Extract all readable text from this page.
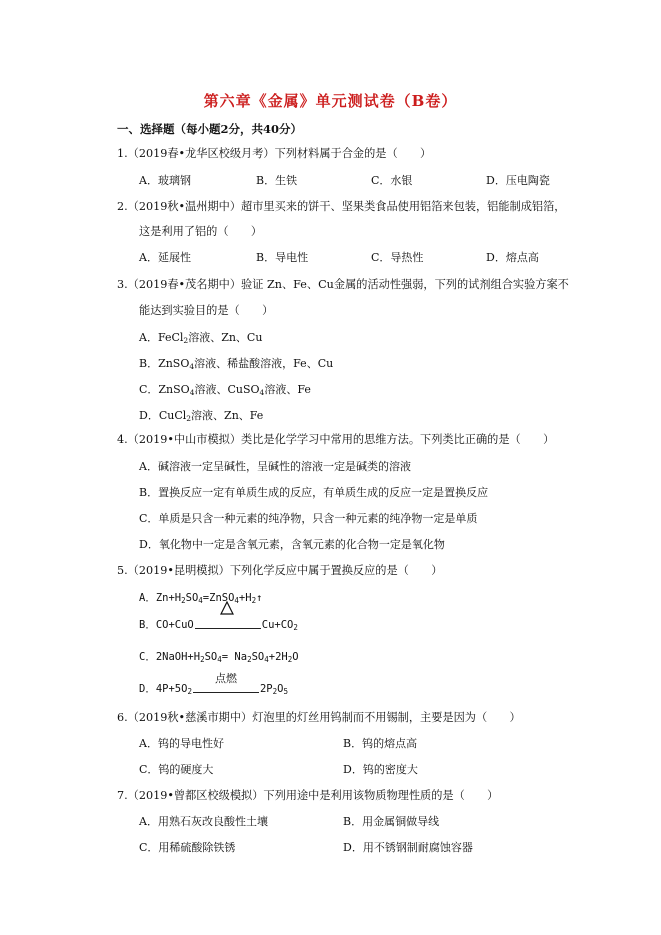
第六章《金属》单元测试卷（B卷）
一、选择题（每小题2分，共40分）
1.（2019春•龙华区校级月考）下列材料属于合金的是（　　）
A．玻璃钢	B．生铁	C．水银	D．压电陶瓷
2.（2019秋•温州期中）超市里买来的饼干、坚果类食品使用铝箔来包装，铝能制成铝箔，
这是利用了铝的（　　）
A．延展性	B．导电性	C．导热性	D．熔点高
3.（2019春•茂名期中）验证 Zn、Fe、Cu金属的活动性强弱，下列的试剂组合实验方案不
能达到实验目的是（　　）
A．FeCl$_2$溶液、Zn、Cu
B．ZnSO$_4$溶液、稀盐酸溶液，Fe、Cu
C．ZnSO$_4$溶液、CuSO$_4$溶液、Fe
D．CuCl$_2$溶液、Zn、Fe
4.（2019•中山市模拟）类比是化学学习中常用的思维方法。下列类比正确的是（　　）
A．碱溶液一定呈碱性，呈碱性的溶液一定是碱类的溶液
B．置换反应一定有单质生成的反应，有单质生成的反应一定是置换反应
C．单质是只含一种元素的纯净物，只含一种元素的纯净物一定是单质
D．氧化物中一定是含氧元素，含氧元素的化合物一定是氧化物
5.（2019•昆明模拟）下列化学反应中属于置换反应的是（　　）
A．$Zn+H_2SO_4=ZnSO_4+H_2↑$
B．CO+CuO	$Cu+CO_2$
C．$2NaOH+H_2SO_4= Na_2SO_4+2H_2O$
D．$4P+5O_2$
点燃
$2P_2O_5$
6.（2019秋•慈溪市期中）灯泡里的灯丝用钨制而不用锡制，主要是因为（　　）
A．钨的导电性好	B．钨的熔点高
C．钨的硬度大	D．钨的密度大
7.（2019•曾都区校级模拟）下列用途中是利用该物质物理性质的是（　　）
A．用熟石灰改良酸性土壤	B．用金属铜做导线
C．用稀硫酸除铁锈	D．用不锈钢制耐腐蚀容器
